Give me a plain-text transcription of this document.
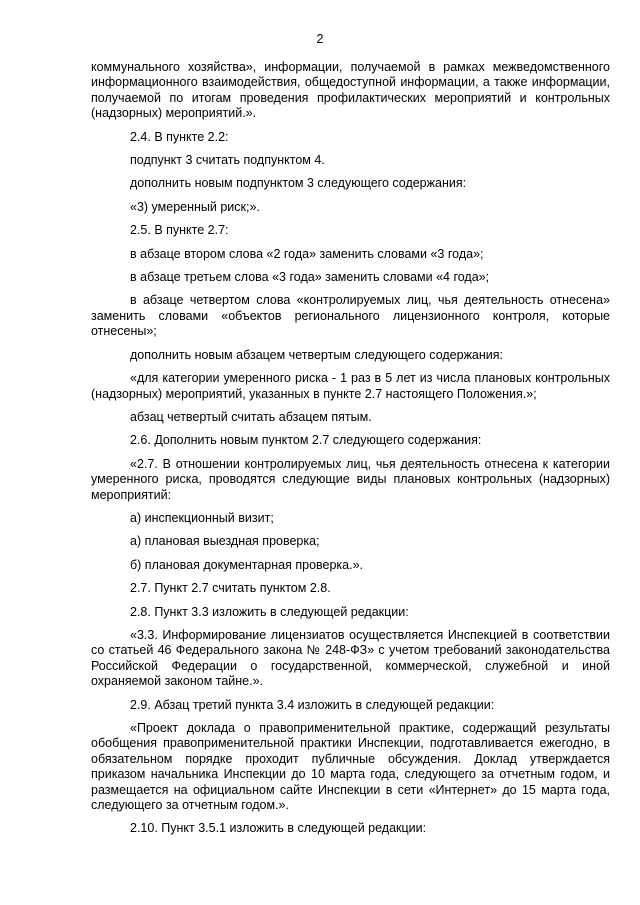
2

коммунального хозяйства», информации, получаемой в рамках межведомственного информационного взаимодействия, общедоступной информации, а также информации, получаемой по итогам проведения профилактических мероприятий и контрольных (надзорных) мероприятий.».

2.4. В пункте 2.2:

подпункт 3 считать подпунктом 4.

дополнить новым подпунктом 3 следующего содержания:

«3) умеренный риск;».

2.5. В пункте 2.7:

в абзаце втором слова «2 года» заменить словами «3 года»;

в абзаце третьем слова «3 года» заменить словами «4 года»;

в абзаце четвертом слова «контролируемых лиц, чья деятельность отнесена» заменить словами «объектов регионального лицензионного контроля, которые отнесены»;

дополнить новым абзацем четвертым следующего содержания:

«для категории умеренного риска - 1 раз в 5 лет из числа плановых контрольных (надзорных) мероприятий, указанных в пункте 2.7 настоящего Положения.»;

абзац четвертый считать абзацем пятым.

2.6. Дополнить новым пунктом 2.7 следующего содержания:

«2.7. В отношении контролируемых лиц, чья деятельность отнесена к категории умеренного риска, проводятся следующие виды плановых контрольных (надзорных) мероприятий:

а) инспекционный визит;

а) плановая выездная проверка;

б) плановая документарная проверка.».

2.7. Пункт 2.7 считать пунктом 2.8.

2.8. Пункт 3.3 изложить в следующей редакции:

«3.3. Информирование лицензиатов осуществляется Инспекцией в соответствии со статьей 46 Федерального закона № 248-ФЗ» с учетом требований законодательства Российской Федерации о государственной, коммерческой, служебной и иной охраняемой законом тайне.».

2.9. Абзац третий пункта 3.4 изложить в следующей редакции:

«Проект доклада о правоприменительной практике, содержащий результаты обобщения правоприменительной практики Инспекции, подготавливается ежегодно, в обязательном порядке проходит публичные обсуждения. Доклад утверждается приказом начальника Инспекции до 10 марта года, следующего за отчетным годом, и размещается на официальном сайте Инспекции в сети «Интернет» до 15 марта года, следующего за отчетным годом.».

2.10. Пункт 3.5.1 изложить в следующей редакции:
